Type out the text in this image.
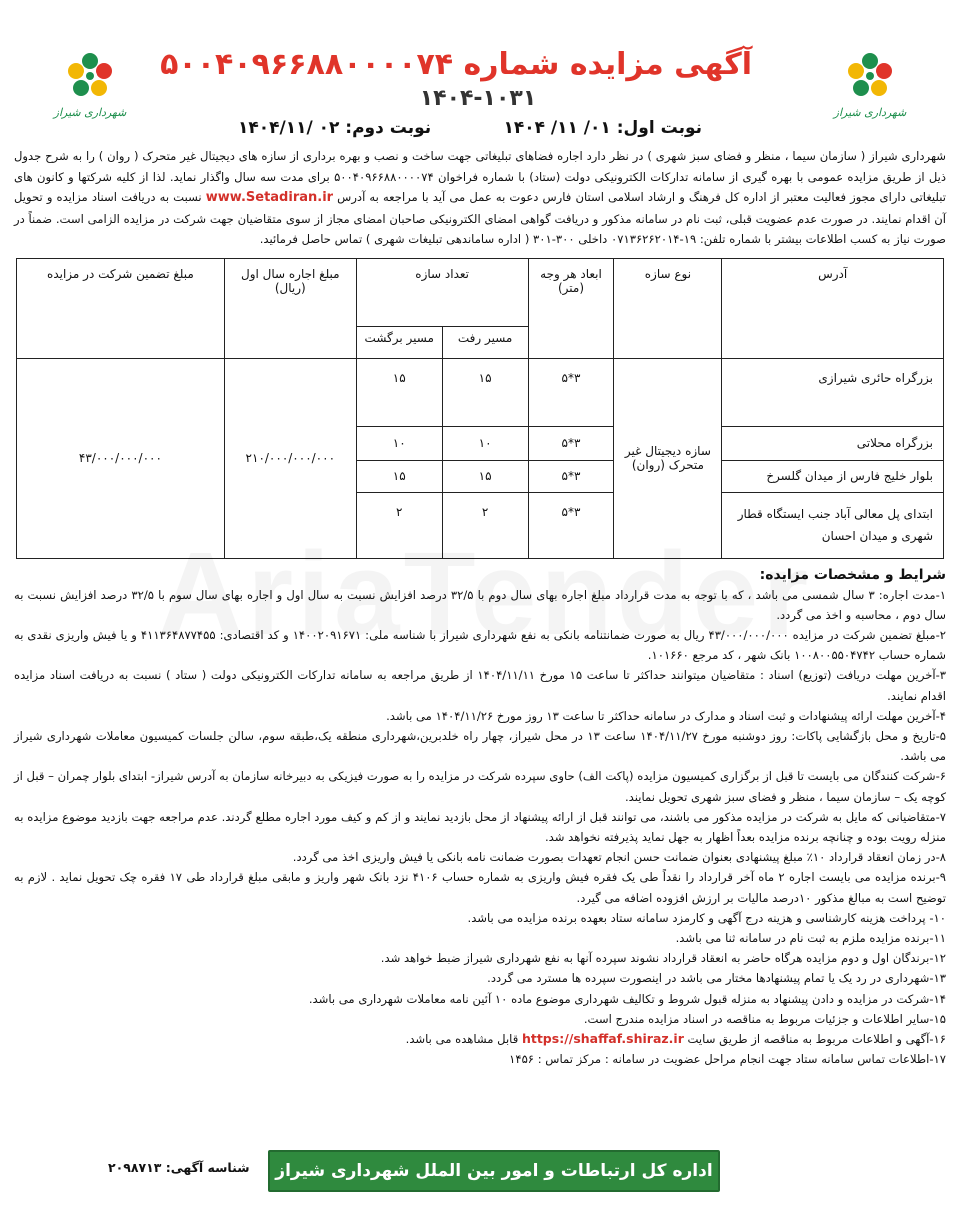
شهرداری شیراز
شهرداری شیراز
آگهی مزایده شماره ۵۰۰۴۰۹۶۶۸۸۰۰۰۰۷۴
۱۴۰۴-۱۰۳۱
نوبت اول: ۰۱/ ۱۱/ ۱۴۰۴
نوبت دوم: ۰۲ /۱۴۰۴/۱۱
شهرداری شیراز ( سازمان سیما ، منظر و فضای سبز شهری ) در نظر دارد اجاره فضاهای تبلیغاتی جهت ساخت و نصب و بهره برداری از سازه های دیجیتال غیر متحرک ( روان ) را به شرح جدول ذیل از طریق مزایده عمومی با بهره گیری از سامانه تدارکات الکترونیکی دولت (ستاد) با شماره فراخوان ۵۰۰۴۰۹۶۶۸۸۰۰۰۰۷۴ برای مدت سه سال واگذار نماید. لذا از کلیه شرکتها و کانون های تبلیغاتی دارای مجوز فعالیت معتبر از اداره کل فرهنگ و ارشاد اسلامی استان فارس دعوت به عمل می آید با مراجعه به آدرس www.Setadiran.ir نسبت به دریافت اسناد مزایده و تحویل آن اقدام نمایند. در صورت عدم عضویت قبلی، ثبت نام در سامانه مذکور و دریافت گواهی امضای الکترونیکی صاحبان امضای مجاز از سوی متقاضیان جهت شرکت در مزایده الزامی است. ضمناً در صورت نیاز به کسب اطلاعات بیشتر با شماره تلفن: ۱۹-۰۷۱۳۶۲۶۲۰۱۴ داخلی ۳۰۰-۳۰۱ ( اداره ساماندهی تبلیغات شهری ) تماس حاصل فرمائید.
آدرس	نوع سازه	ابعاد هر وجه (متر)	تعداد سازه		مبلغ اجاره سال اول (ریال)	مبلغ تضمین شرکت در مزایده
			مسیر رفت	مسیر برگشت		
بزرگراه حائری شیرازی	سازه دیجیتال غیر متحرک (روان)	۳*۵	۱۵	۱۵	۲۱۰/۰۰۰/۰۰۰/۰۰۰	۴۳/۰۰۰/۰۰۰/۰۰۰
بزرگراه محلاتی		۳*۵	۱۰	۱۰		
بلوار خلیج فارس از میدان گلسرخ		۳*۵	۱۵	۱۵		
ابتدای پل معالی آباد جنب ایستگاه قطار شهری و میدان احسان		۳*۵	۲	۲		
شرایط و مشخصات مزایده:

۱-مدت اجاره: ۳ سال شمسی می باشد ، که با توجه به مدت قرارداد مبلغ اجاره بهای سال دوم با ۳۲/۵ درصد افزایش نسبت به سال اول و اجاره بهای سال سوم با ۳۲/۵ درصد افزایش نسبت به سال دوم ، محاسبه و اخذ می گردد.

۲-مبلغ تضمین شرکت در مزایده ۴۳/۰۰۰/۰۰۰/۰۰۰ ریال به صورت ضمانتنامه بانکی به نفع شهرداری شیراز با شناسه ملی: ۱۴۰۰۲۰۹۱۶۷۱ و کد اقتصادی: ۴۱۱۳۶۴۸۷۷۴۵۵ و یا فیش واریزی نقدی به شماره حساب ۱۰۰۸۰۰۵۵۰۴۷۴۲ بانک شهر ، کد مرجع ۱۰۱۶۶۰.

۳-آخرین مهلت دریافت (توزیع) اسناد : متقاضیان میتوانند حداکثر تا ساعت ۱۵ مورخ ۱۴۰۴/۱۱/۱۱ از طریق مراجعه به سامانه تدارکات الکترونیکی دولت ( ستاد ) نسبت به دریافت اسناد مزایده اقدام نمایند.

۴-آخرین مهلت ارائه پیشنهادات و ثبت اسناد و مدارک در سامانه حداکثر تا ساعت ۱۳ روز مورخ ۱۴۰۴/۱۱/۲۶ می باشد.

۵-تاریخ و محل بازگشایی پاکات: روز دوشنبه مورخ ۱۴۰۴/۱۱/۲۷ ساعت ۱۳ در محل شیراز، چهار راه خلدبرین،شهرداری منطقه یک،طبقه سوم، سالن جلسات کمیسیون معاملات شهرداری شیراز می باشد.

۶-شرکت کنندگان می بایست تا قبل از برگزاری کمیسیون مزایده (پاکت الف) حاوی سپرده شرکت در مزایده را به صورت فیزیکی به دبیرخانه سازمان به آدرس شیراز- ابتدای بلوار چمران – قبل از کوچه یک – سازمان سیما ، منظر و فضای سبز شهری تحویل نمایند.

۷-متقاضیانی که مایل به شرکت در مزایده مذکور می باشند، می توانند قبل از ارائه پیشنهاد از محل بازدید نمایند و از کم و کیف مورد اجاره مطلع گردند. عدم مراجعه جهت بازدید موضوع مزایده به منزله رویت بوده و چنانچه برنده مزایده بعداً اظهار به جهل نماید پذیرفته نخواهد شد.

۸-در زمان انعقاد قرارداد ۱۰٪ مبلغ پیشنهادی بعنوان ضمانت حسن انجام تعهدات بصورت ضمانت نامه بانکی یا فیش واریزی اخذ می گردد.

۹-برنده مزایده می بایست اجاره ۲ ماه آخر قرارداد را نقداً طی یک فقره فیش واریزی به شماره حساب ۴۱۰۶ نزد بانک شهر واریز و مابقی مبلغ قرارداد طی ۱۷ فقره چک تحویل نماید . لازم به توضیح است به مبالغ مذکور ۱۰درصد مالیات بر ارزش افزوده اضافه می گیرد.

۱۰- پرداخت هزینه کارشناسی و هزینه درج آگهی و کارمزد سامانه ستاد بعهده برنده مزایده می باشد.

۱۱-برنده مزایده ملزم به ثبت نام در سامانه ثنا می باشد.

۱۲-برندگان اول و دوم مزایده هرگاه حاضر به انعقاد قرارداد نشوند سپرده آنها به نفع شهرداری شیراز ضبط خواهد شد.

۱۳-شهرداری در رد یک یا تمام پیشنهادها مختار می باشد در اینصورت سپرده ها مسترد می گردد.

۱۴-شرکت در مزایده و دادن پیشنهاد به منزله قبول شروط و تکالیف شهرداری موضوع ماده ۱۰ آئین نامه معاملات شهرداری می باشد.

۱۵-سایر اطلاعات و جزئیات مربوط به مناقصه در اسناد مزایده مندرج است.

۱۶-آگهی و اطلاعات مربوط به مناقصه از طریق سایت https://shaffaf.shiraz.ir قابل مشاهده می باشد.

۱۷-اطلاعات تماس سامانه ستاد جهت انجام مراحل عضویت در سامانه : مرکز تماس : ۱۴۵۶

اداره کل ارتباطات و امور بین الملل شهرداری شیراز
شناسه آگهی: ۲۰۹۸۷۱۳
